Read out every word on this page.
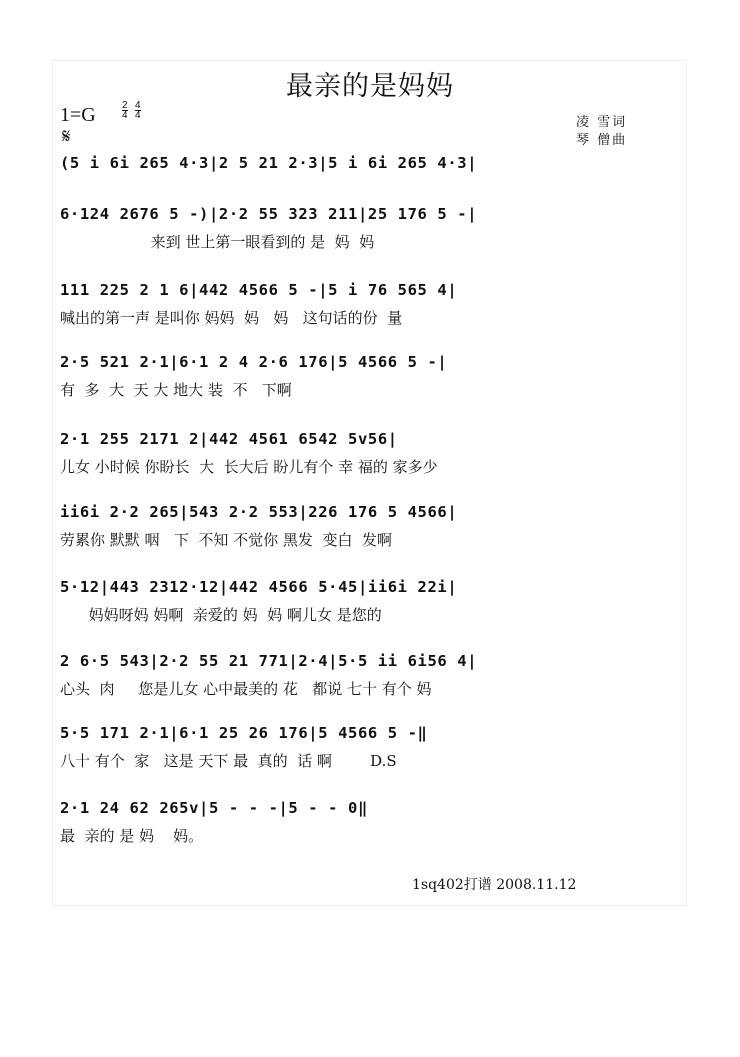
最亲的是妈妈
1=G	$\frac{2}{4}$
$\frac{4}{4}$
𝄋
凌 雪词
琴 僧曲
(5 i 6i 265 4·3|2 5 21 2·3|5 i 6i 265 4·3|
6·124 2676 5 -)|2·2 55 323 211|25 176 5 -|
来到 世上第一眼看到的 是  妈  妈
111 225 2 1 6|442 4566 5 -|5 i 76 565 4|
喊出的第一声 是叫你 妈妈  妈   妈   这句话的份  量
2·5 521 2·1|6·1 2 4 2·6 176|5 4566 5 -|
有  多  大  天 大 地大 装  不   下啊
2·1 255 2171 2|442 4561 6542 5v56|
儿女 小时候 你盼长  大  长大后 盼儿有个 幸 福的 家多少
ii6i 2·2 265|543 2·2 553|226 176 5 4566|
劳累你 默默 咽   下  不知 不觉你 黑发  变白  发啊
5·12|443 2312·12|442 4566 5·45|ii6i 22i|
妈妈呀妈 妈啊  亲爱的 妈  妈 啊儿女 是您的
2 6·5 543|2·2 55 21 771|2·4|5·5 ii 6i56 4|
心头  肉     您是儿女 心中最美的 花   都说 七十 有个 妈
5·5 171 2·1|6·1 25 26 176|5 4566 5 -‖
八十 有个  家   这是 天下 最  真的  话 啊        D.S
2·1 24 62 265v|5 - - -|5 - - 0‖
最  亲的 是 妈    妈。
1sq402打谱 2008.11.12
